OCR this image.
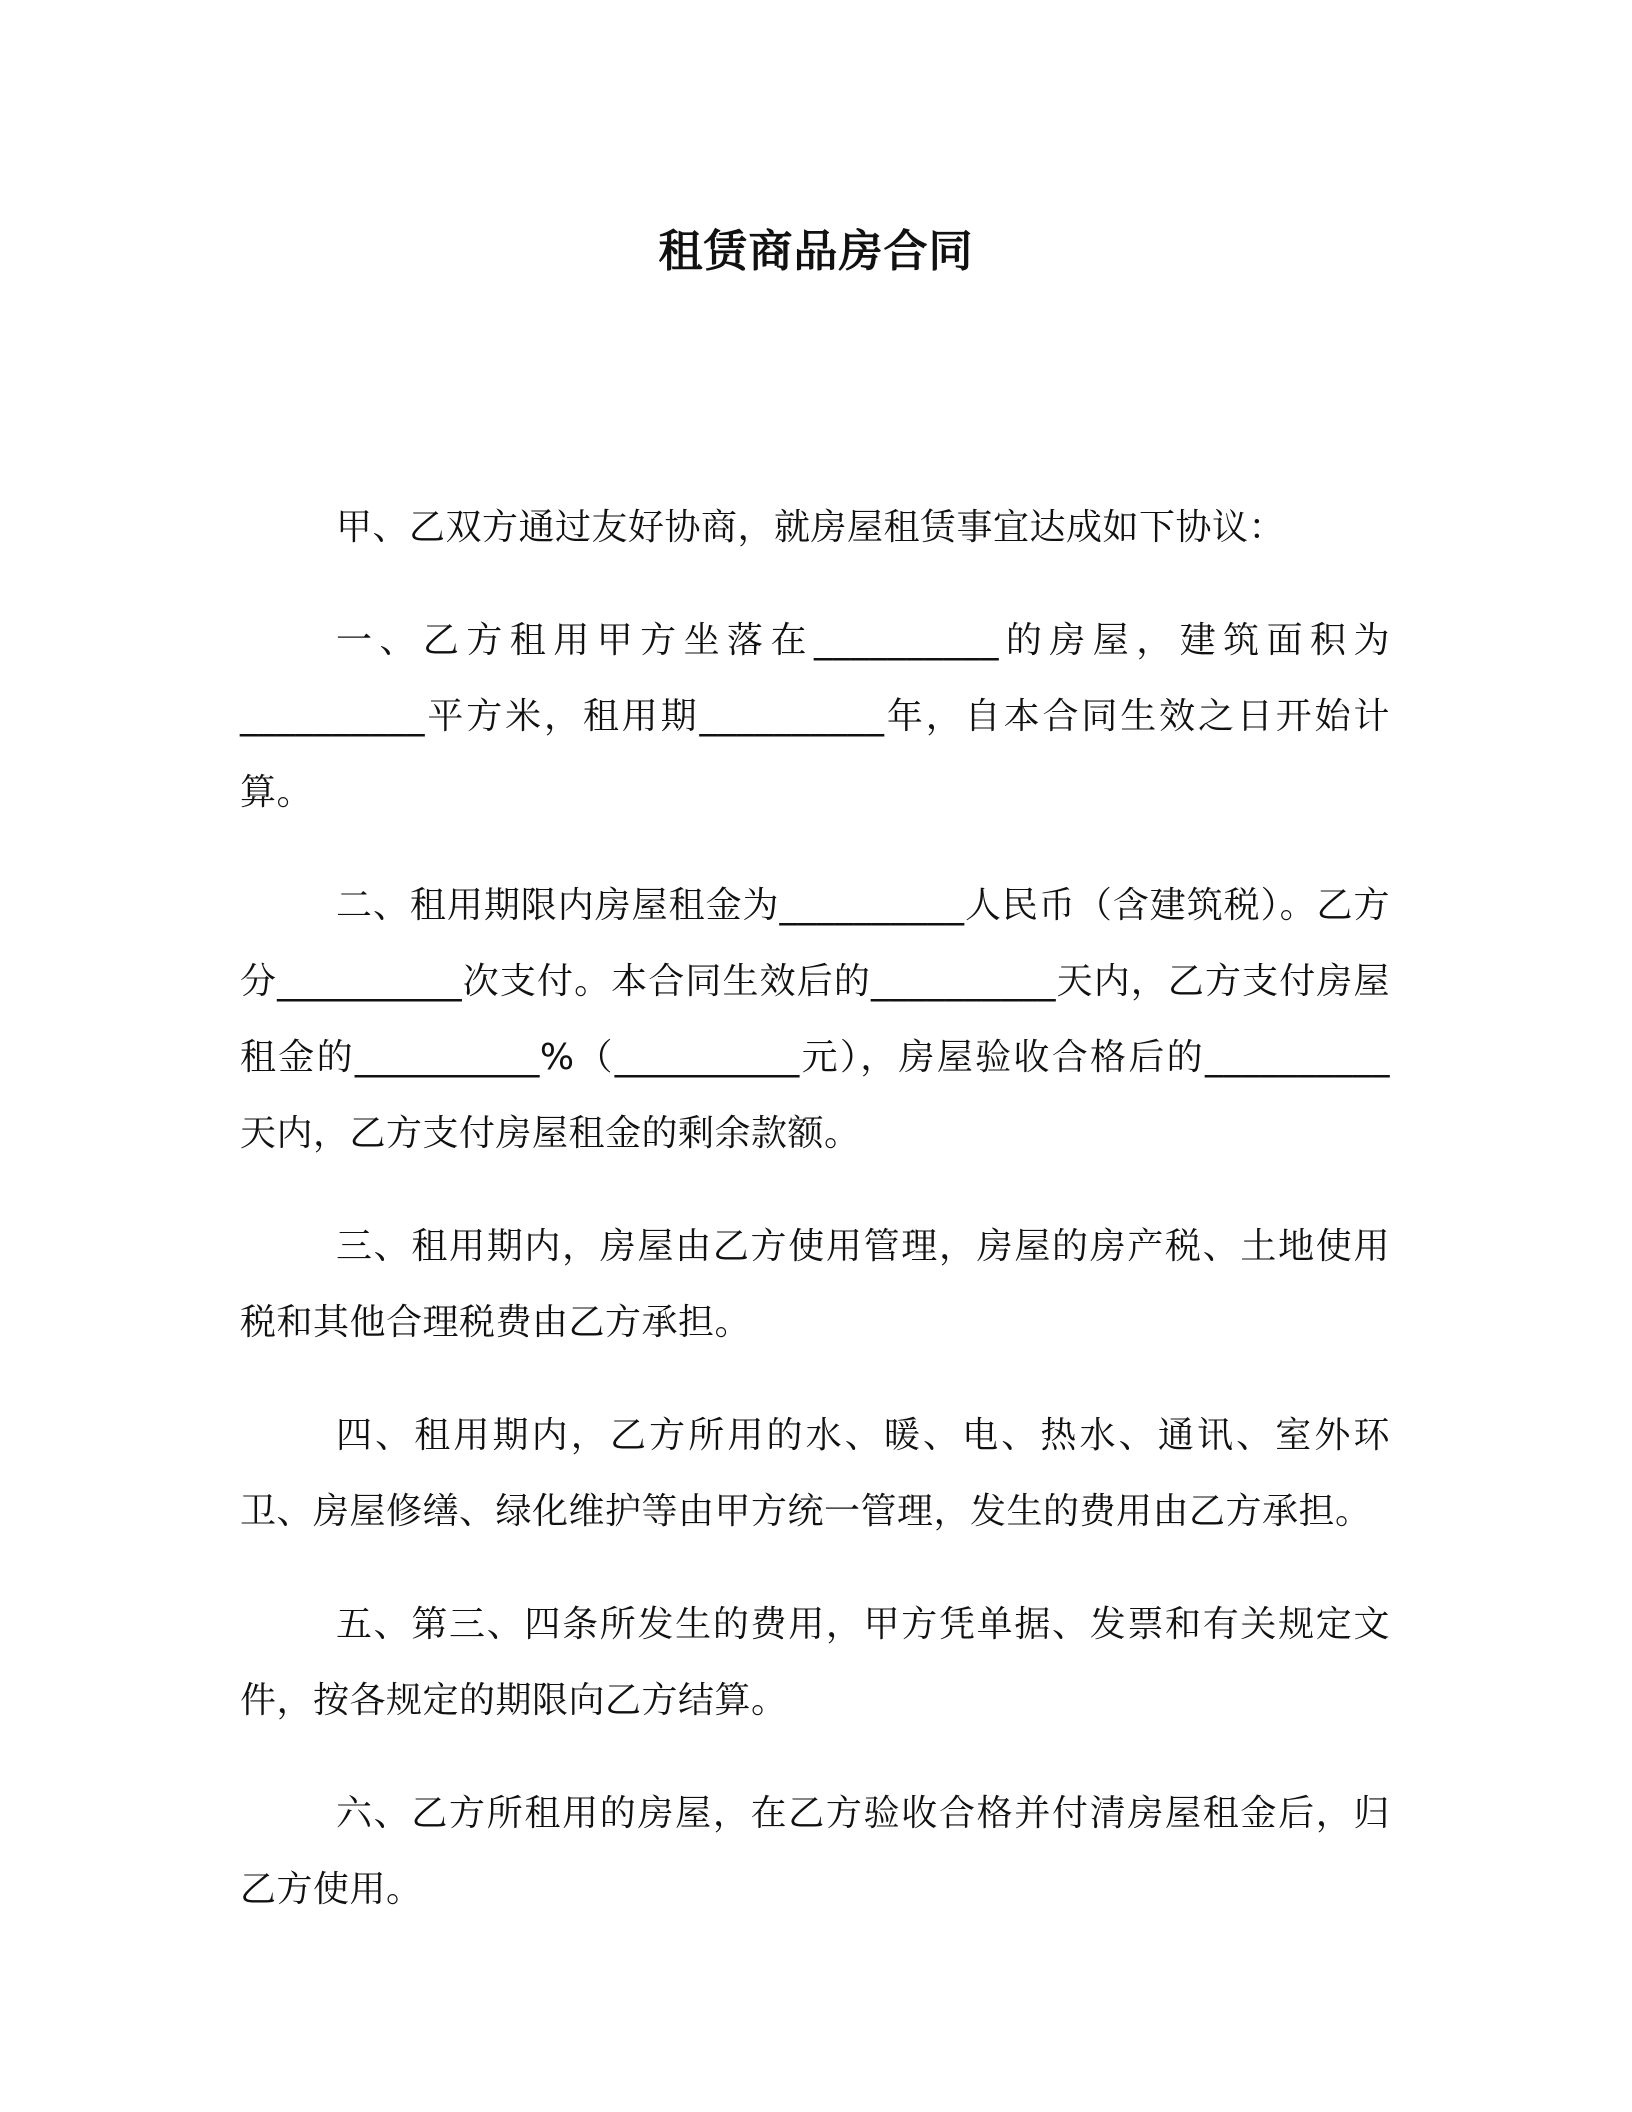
租赁商品房合同

甲、乙双方通过友好协商，就房屋租赁事宜达成如下协议：

一、乙方租用甲方坐落在__________的房屋，建筑面积为__________平方米，租用期__________年，自本合同生效之日开始计算。

二、租用期限内房屋租金为__________人民币（含建筑税）。乙方分__________次支付。本合同生效后的__________天内，乙方支付房屋租金的__________%（__________元），房屋验收合格后的__________天内，乙方支付房屋租金的剩余款额。

三、租用期内，房屋由乙方使用管理，房屋的房产税、土地使用税和其他合理税费由乙方承担。

四、租用期内，乙方所用的水、暖、电、热水、通讯、室外环卫、房屋修缮、绿化维护等由甲方统一管理，发生的费用由乙方承担。

五、第三、四条所发生的费用，甲方凭单据、发票和有关规定文件，按各规定的期限向乙方结算。

六、乙方所租用的房屋，在乙方验收合格并付清房屋租金后，归乙方使用。
